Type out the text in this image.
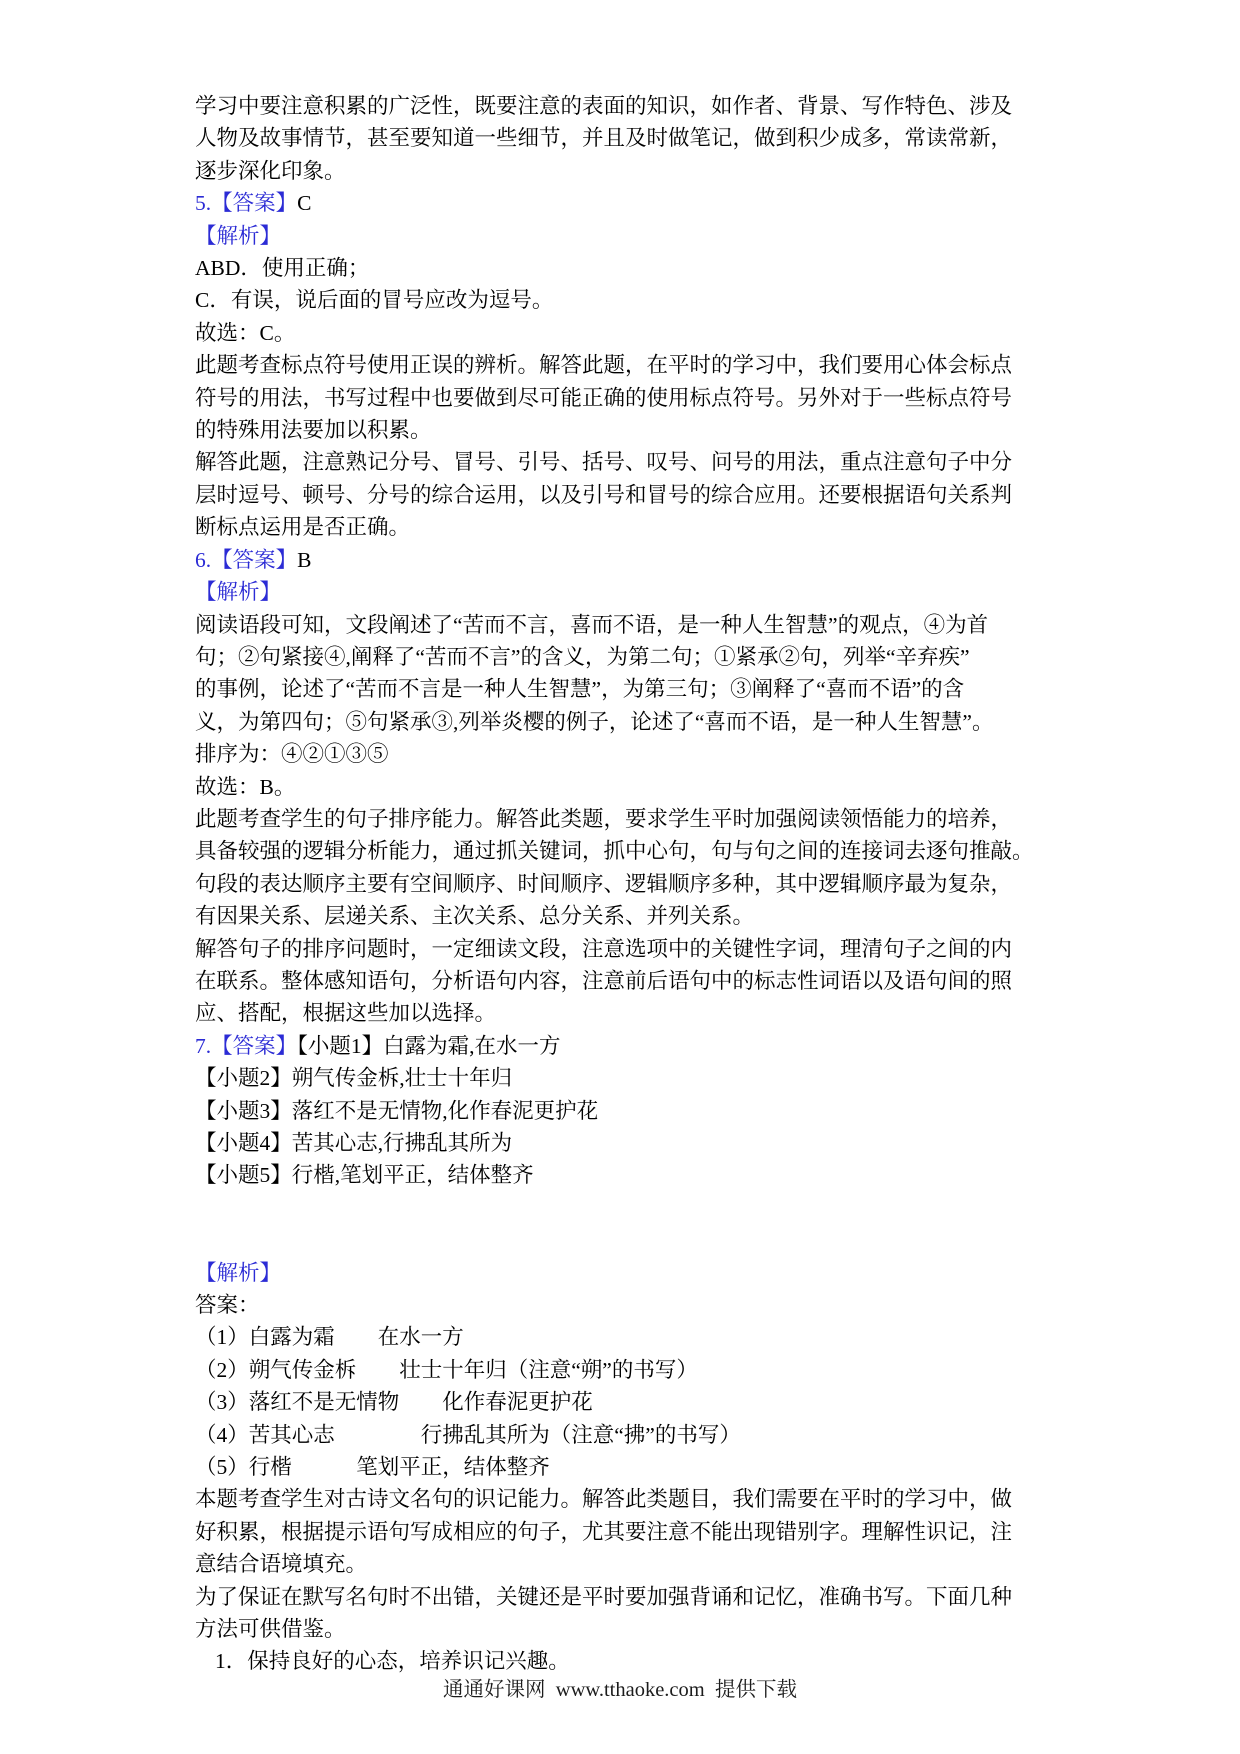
学习中要注意积累的广泛性，既要注意的表面的知识，如作者、背景、写作特色、涉及
人物及故事情节，甚至要知道一些细节，并且及时做笔记，做到积少成多，常读常新，
逐步深化印象。
5.【答案】C
【解析】
ABD．使用正确；
C．有误，说后面的冒号应改为逗号。
故选：C。
此题考查标点符号使用正误的辨析。解答此题，在平时的学习中，我们要用心体会标点
符号的用法，书写过程中也要做到尽可能正确的使用标点符号。另外对于一些标点符号
的特殊用法要加以积累。
解答此题，注意熟记分号、冒号、引号、括号、叹号、问号的用法，重点注意句子中分
层时逗号、顿号、分号的综合运用，以及引号和冒号的综合应用。还要根据语句关系判
断标点运用是否正确。
6.【答案】B
【解析】
阅读语段可知，文段阐述了“苦而不言，喜而不语，是一种人生智慧”的观点，④为首
句；②句紧接④,阐释了“苦而不言”的含义，为第二句；①紧承②句，列举“辛弃疾”
的事例，论述了“苦而不言是一种人生智慧”，为第三句；③阐释了“喜而不语”的含
义，为第四句；⑤句紧承③,列举炎樱的例子，论述了“喜而不语，是一种人生智慧”。
排序为：④②①③⑤
故选：B。
此题考查学生的句子排序能力。解答此类题，要求学生平时加强阅读领悟能力的培养，
具备较强的逻辑分析能力，通过抓关键词，抓中心句，句与句之间的连接词去逐句推敲。
句段的表达顺序主要有空间顺序、时间顺序、逻辑顺序多种，其中逻辑顺序最为复杂，
有因果关系、层递关系、主次关系、总分关系、并列关系。
解答句子的排序问题时，一定细读文段，注意选项中的关键性字词，理清句子之间的内
在联系。整体感知语句，分析语句内容，注意前后语句中的标志性词语以及语句间的照
应、搭配，根据这些加以选择。
7.【答案】【小题1】白露为霜,在水一方
【小题2】朔气传金柝,壮士十年归
【小题3】落红不是无情物,化作春泥更护花
【小题4】苦其心志,行拂乱其所为
【小题5】行楷,笔划平正，结体整齐
【解析】
答案：
（1）白露为霜　　在水一方
（2）朔气传金柝　　壮士十年归（注意“朔”的书写）
（3）落红不是无情物　　化作春泥更护花
（4）苦其心志　　　　行拂乱其所为（注意“拂”的书写）
（5）行楷　　　笔划平正，结体整齐
本题考查学生对古诗文名句的识记能力。解答此类题目，我们需要在平时的学习中，做
好积累，根据提示语句写成相应的句子，尤其要注意不能出现错别字。理解性识记，注
意结合语境填充。
为了保证在默写名句时不出错，关键还是平时要加强背诵和记忆，准确书写。下面几种
方法可供借鉴。
1．保持良好的心态，培养识记兴趣。
通通好课网  www.tthaoke.com  提供下载
